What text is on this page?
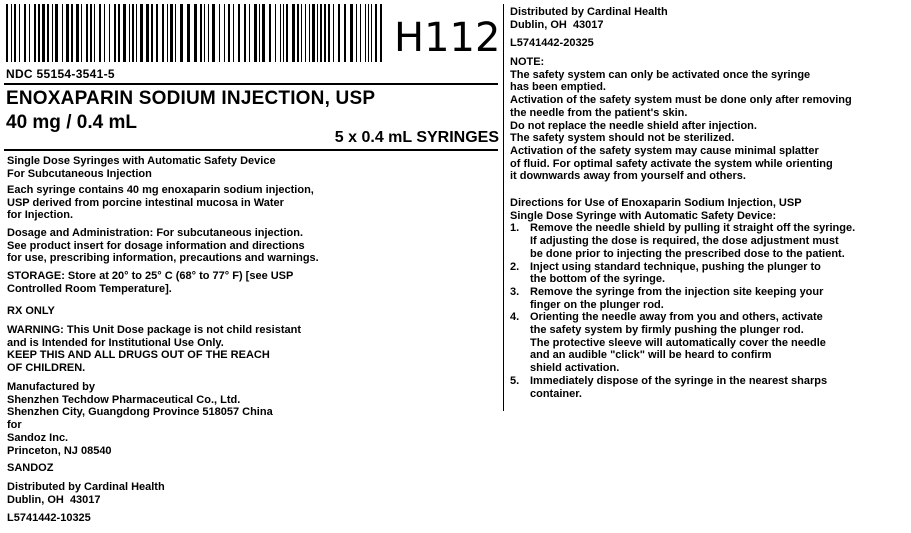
NDC 55154-3541-5
H112
ENOXAPARIN SODIUM INJECTION, USP
40 mg / 0.4 mL
5 x 0.4 mL SYRINGES
Single Dose Syringes with Automatic Safety Device
For Subcutaneous Injection
Each syringe contains 40 mg enoxaparin sodium injection,
USP derived from porcine intestinal mucosa in Water
for Injection.
Dosage and Administration: For subcutaneous injection.
See product insert for dosage information and directions
for use, prescribing information, precautions and warnings.
STORAGE: Store at 20° to 25° C (68° to 77° F) [see USP
Controlled Room Temperature].
RX ONLY
WARNING: This Unit Dose package is not child resistant
and is Intended for Institutional Use Only.
KEEP THIS AND ALL DRUGS OUT OF THE REACH
OF CHILDREN.
Manufactured by
Shenzhen Techdow Pharmaceutical Co., Ltd.
Shenzhen City, Guangdong Province 518057 China
for
Sandoz Inc.
Princeton, NJ 08540
SANDOZ
Distributed by Cardinal Health
Dublin, OH  43017
L5741442-10325
Distributed by Cardinal Health
Dublin, OH  43017
L5741442-20325
NOTE:
The safety system can only be activated once the syringe
has been emptied.
Activation of the safety system must be done only after removing
the needle from the patient's skin.
Do not replace the needle shield after injection.
The safety system should not be sterilized.
Activation of the safety system may cause minimal splatter
of fluid. For optimal safety activate the system while orienting
it downwards away from yourself and others.
Directions for Use of Enoxaparin Sodium Injection, USP
Single Dose Syringe with Automatic Safety Device:
1. Remove the needle shield by pulling it straight off the syringe.
If adjusting the dose is required, the dose adjustment must
be done prior to injecting the prescribed dose to the patient.
2. Inject using standard technique, pushing the plunger to
the bottom of the syringe.
3. Remove the syringe from the injection site keeping your
finger on the plunger rod.
4. Orienting the needle away from you and others, activate
the safety system by firmly pushing the plunger rod.
The protective sleeve will automatically cover the needle
and an audible "click" will be heard to confirm
shield activation.
5. Immediately dispose of the syringe in the nearest sharps
container.
